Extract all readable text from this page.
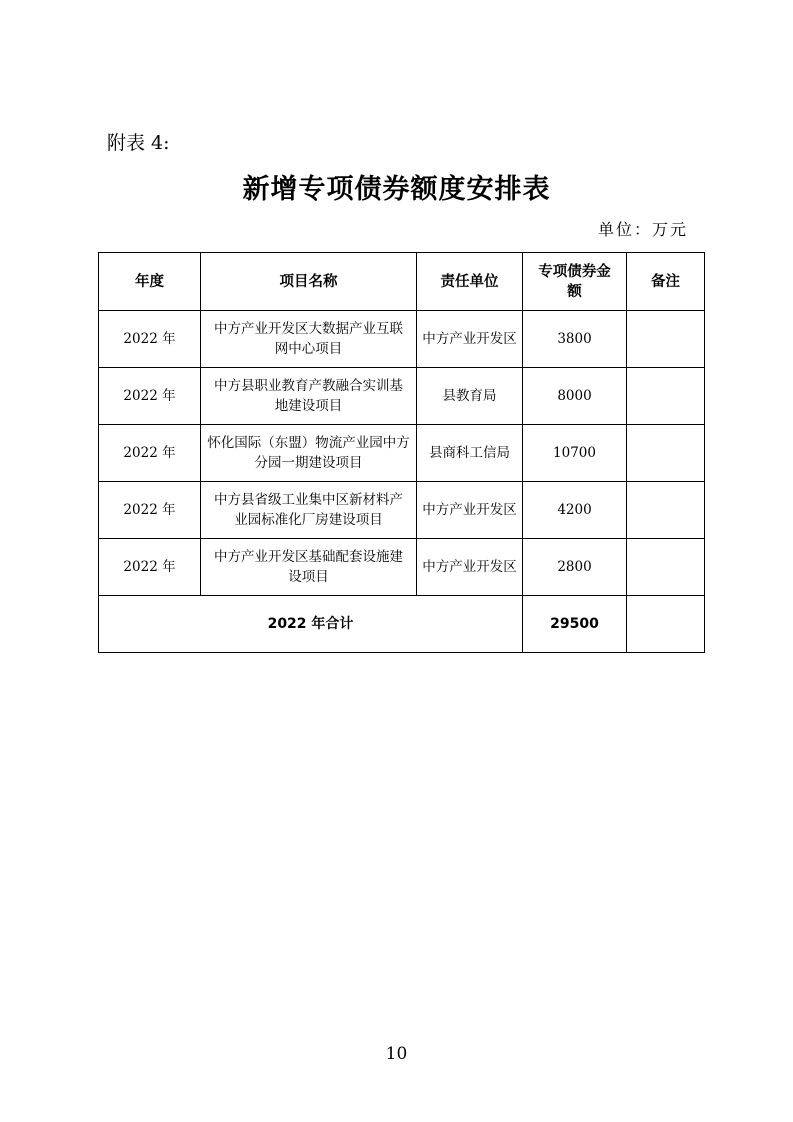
附表 4:
新增专项债券额度安排表
单位：万元
年度	项目名称	责任单位	专项债券金额	备注
2022 年	中方产业开发区大数据产业互联网中心项目	中方产业开发区	3800	
2022 年	中方县职业教育产教融合实训基地建设项目	县教育局	8000	
2022 年	怀化国际（东盟）物流产业园中方分园一期建设项目	县商科工信局	10700	
2022 年	中方县省级工业集中区新材料产业园标准化厂房建设项目	中方产业开发区	4200	
2022 年	中方产业开发区基础配套设施建设项目	中方产业开发区	2800	
2022 年合计			29500	
10
